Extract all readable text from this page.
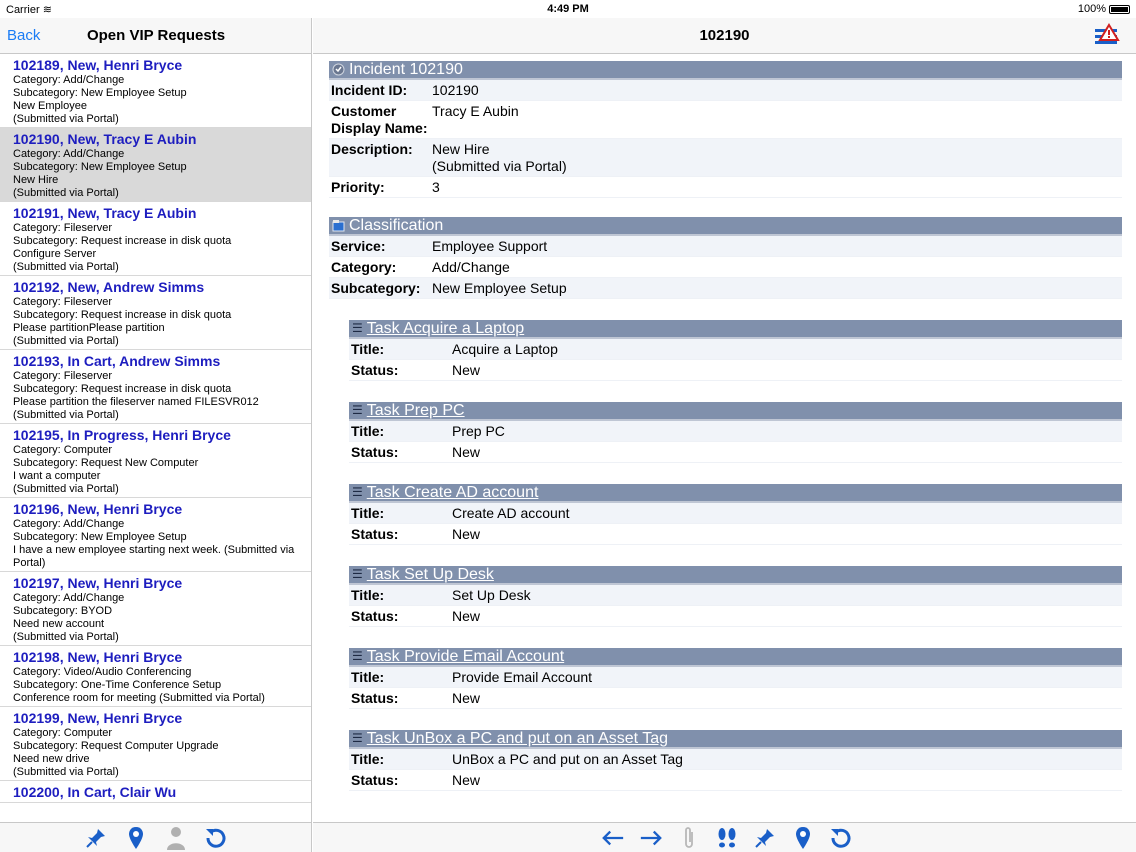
Carrier ≋	4:49 PM	100%
Back	Open VIP Requests
102189, New, Henri Bryce
Category: Add/Change
Subcategory: New Employee Setup
New Employee
(Submitted via Portal)
102190, New, Tracy E Aubin
Category: Add/Change
Subcategory: New Employee Setup
New Hire
(Submitted via Portal)
102191, New, Tracy E Aubin
Category: Fileserver
Subcategory: Request increase in disk quota
Configure Server
(Submitted via Portal)
102192, New, Andrew Simms
Category: Fileserver
Subcategory: Request increase in disk quota
Please partitionPlease partition
(Submitted via Portal)
102193, In Cart, Andrew Simms
Category: Fileserver
Subcategory: Request increase in disk quota
Please partition the fileserver named FILESVR012
(Submitted via Portal)
102195, In Progress, Henri Bryce
Category: Computer
Subcategory: Request New Computer
I want a computer
(Submitted via Portal)
102196, New, Henri Bryce
Category: Add/Change
Subcategory: New Employee Setup
I have a new employee starting next week. (Submitted via Portal)
102197, New, Henri Bryce
Category: Add/Change
Subcategory: BYOD
Need new account
(Submitted via Portal)
102198, New, Henri Bryce
Category: Video/Audio Conferencing
Subcategory: One-Time Conference Setup
Conference room for meeting (Submitted via Portal)
102199, New, Henri Bryce
Category: Computer
Subcategory: Request Computer Upgrade
Need new drive
(Submitted via Portal)
102200, In Cart, Clair Wu
102190
Incident 102190
Incident ID:	102190
Customer Display Name:
Tracy E Aubin
Description:	New Hire
(Submitted via Portal)
Priority:	3
Classification
Service:	Employee Support
Category:	Add/Change
Subcategory: New Employee Setup
☰ Task Acquire a Laptop
Title:	Acquire a Laptop
Status:	New
☰ Task Prep PC
Title:	Prep PC
Status:	New
☰ Task Create AD account
Title:	Create AD account
Status:	New
☰ Task Set Up Desk
Title:	Set Up Desk
Status:	New
☰ Task Provide Email Account
Title:	Provide Email Account
Status:	New
☰ Task UnBox a PC and put on an Asset Tag
Title:	UnBox a PC and put on an Asset Tag
Status:	New
